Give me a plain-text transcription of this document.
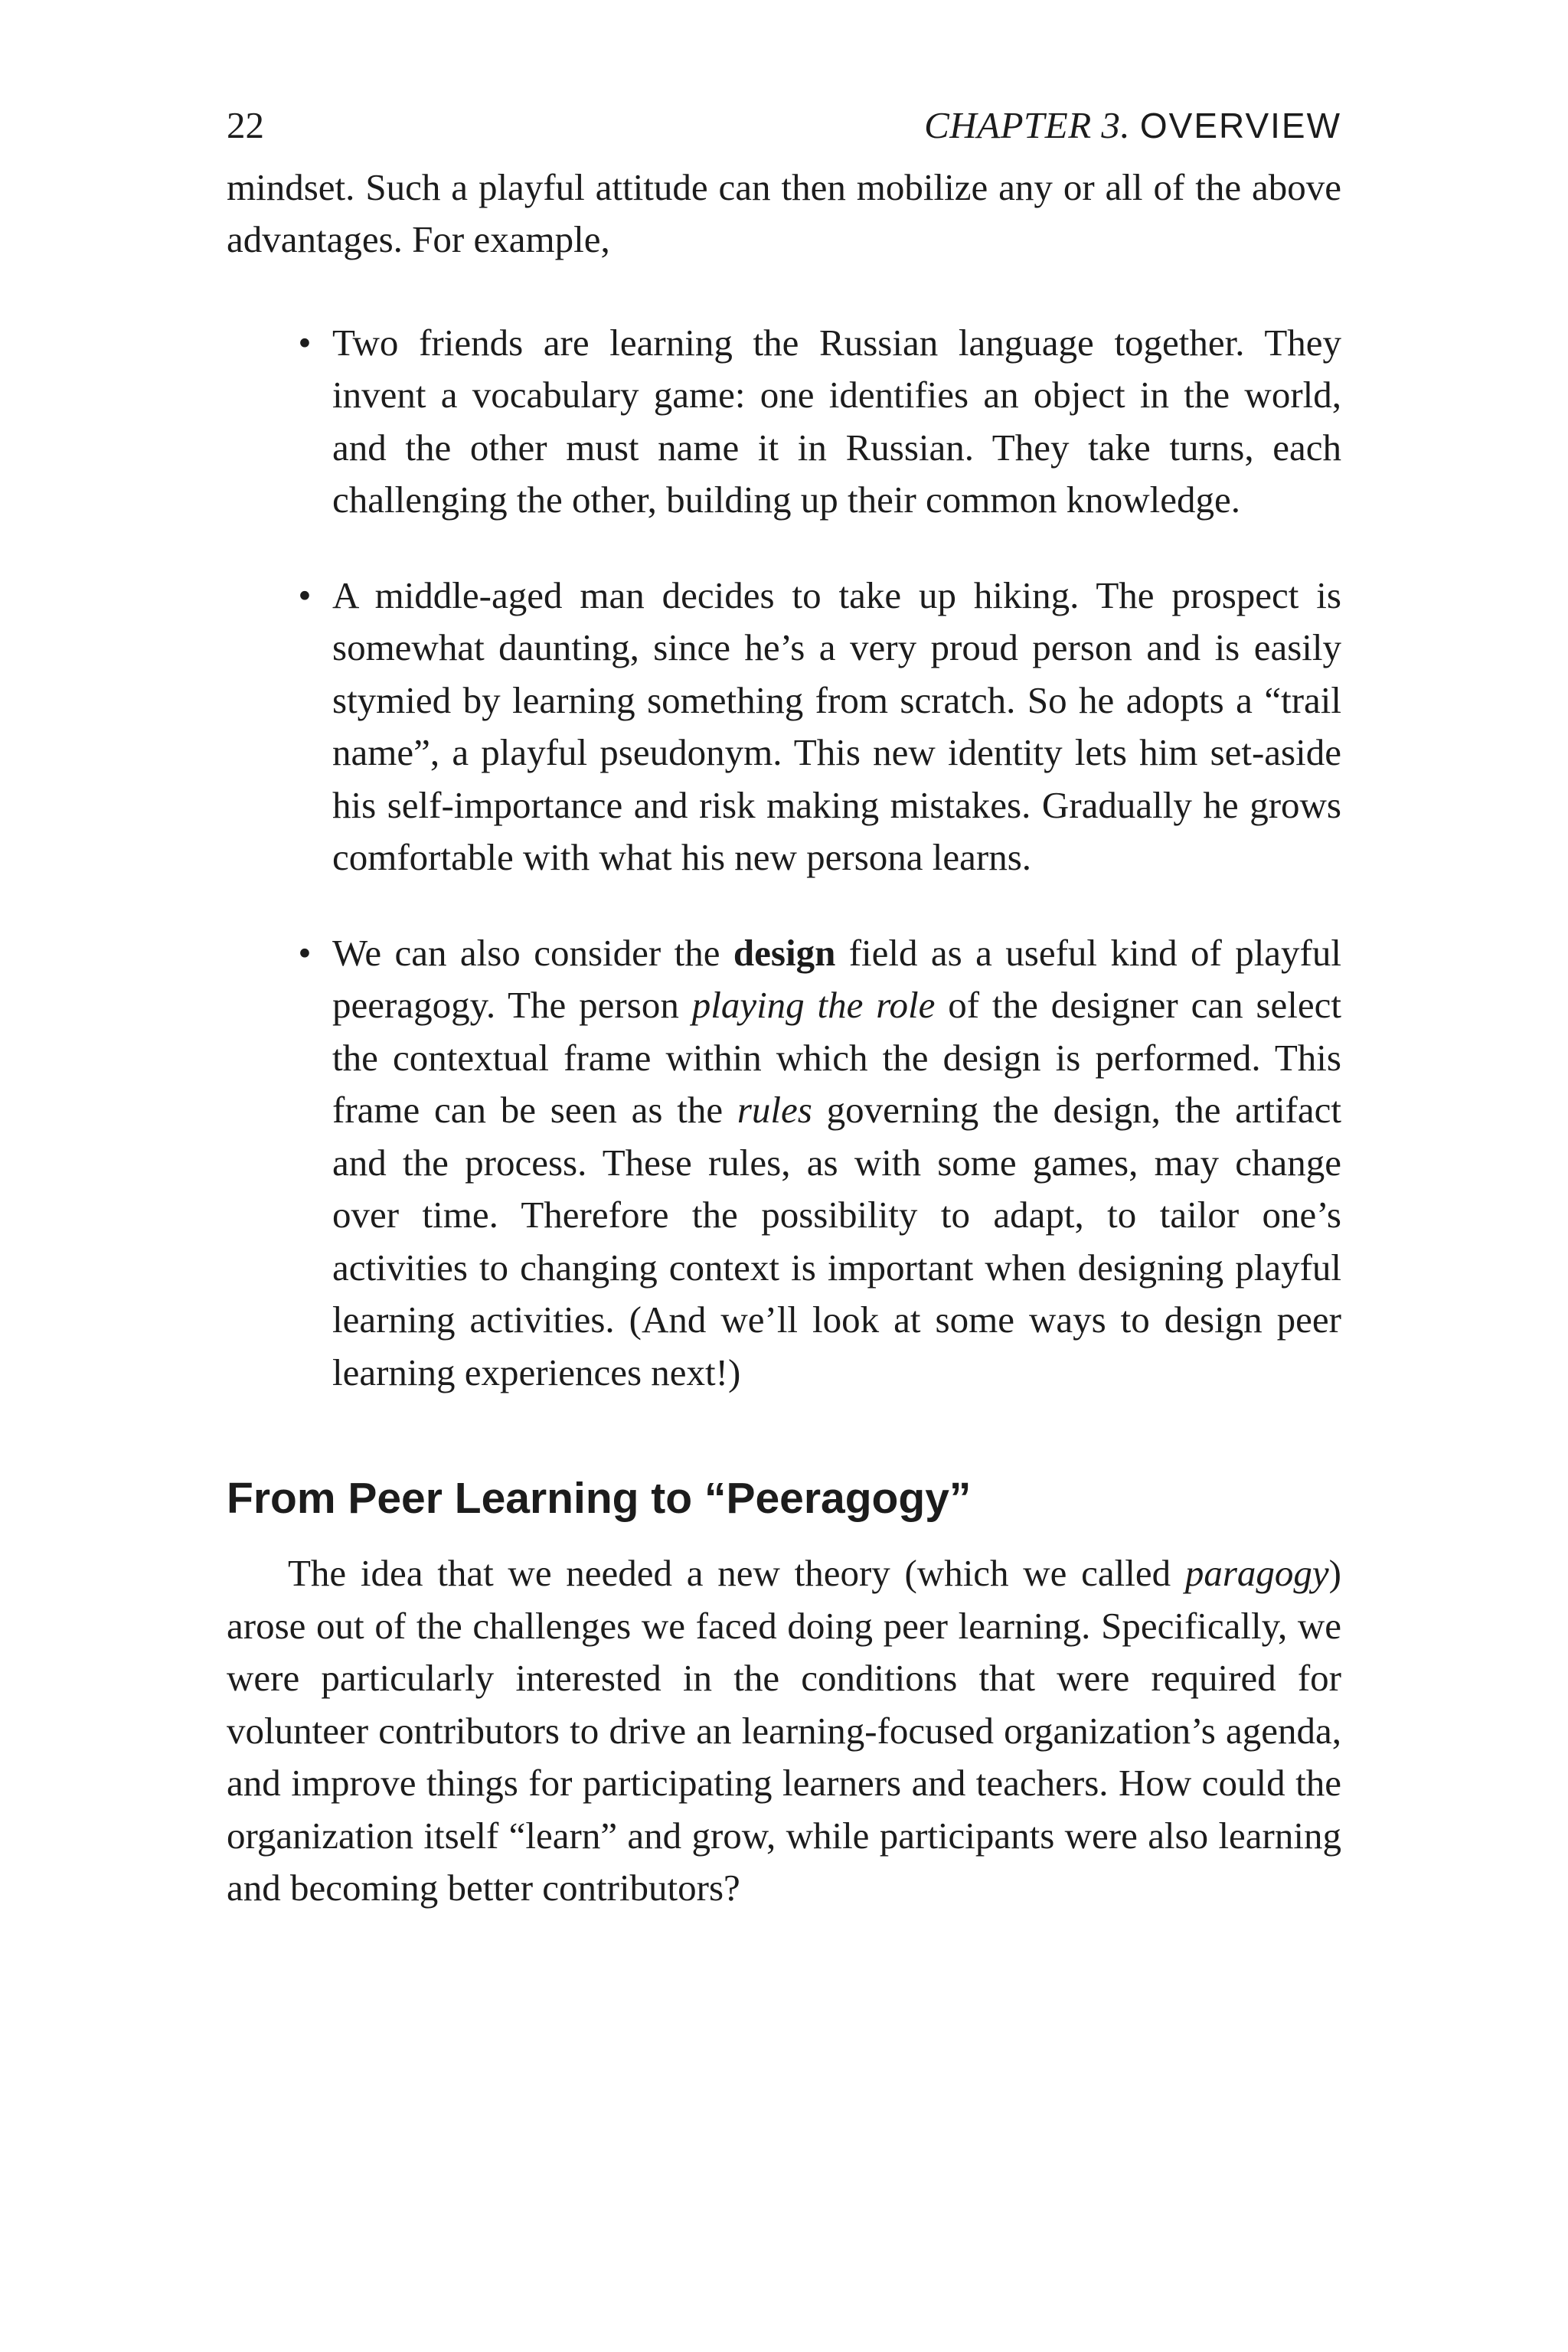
22	CHAPTER 3. OVERVIEW

mindset. Such a playful attitude can then mobilize any or all of the above advantages. For example,

• Two friends are learning the Russian language together. They invent a vocabulary game: one identifies an object in the world, and the other must name it in Russian. They take turns, each challenging the other, building up their common knowledge.
• A middle-aged man decides to take up hiking. The prospect is somewhat daunting, since he’s a very proud person and is easily stymied by learning something from scratch. So he adopts a “trail name”, a playful pseudonym. This new identity lets him set-aside his self-importance and risk making mistakes. Gradually he grows comfortable with what his new persona learns.
• We can also consider the design field as a useful kind of playful peeragogy. The person playing the role of the designer can select the contextual frame within which the design is performed. This frame can be seen as the rules governing the design, the artifact and the process. These rules, as with some games, may change over time. Therefore the possibility to adapt, to tailor one’s activities to changing context is important when designing playful learning activities. (And we’ll look at some ways to design peer learning experiences next!)
From Peer Learning to “Peeragogy”

The idea that we needed a new theory (which we called paragogy) arose out of the challenges we faced doing peer learning. Specifically, we were particularly interested in the conditions that were required for volunteer contributors to drive an learning-focused organization’s agenda, and improve things for participating learners and teachers. How could the organization itself “learn” and grow, while participants were also learning and becoming better contributors?
